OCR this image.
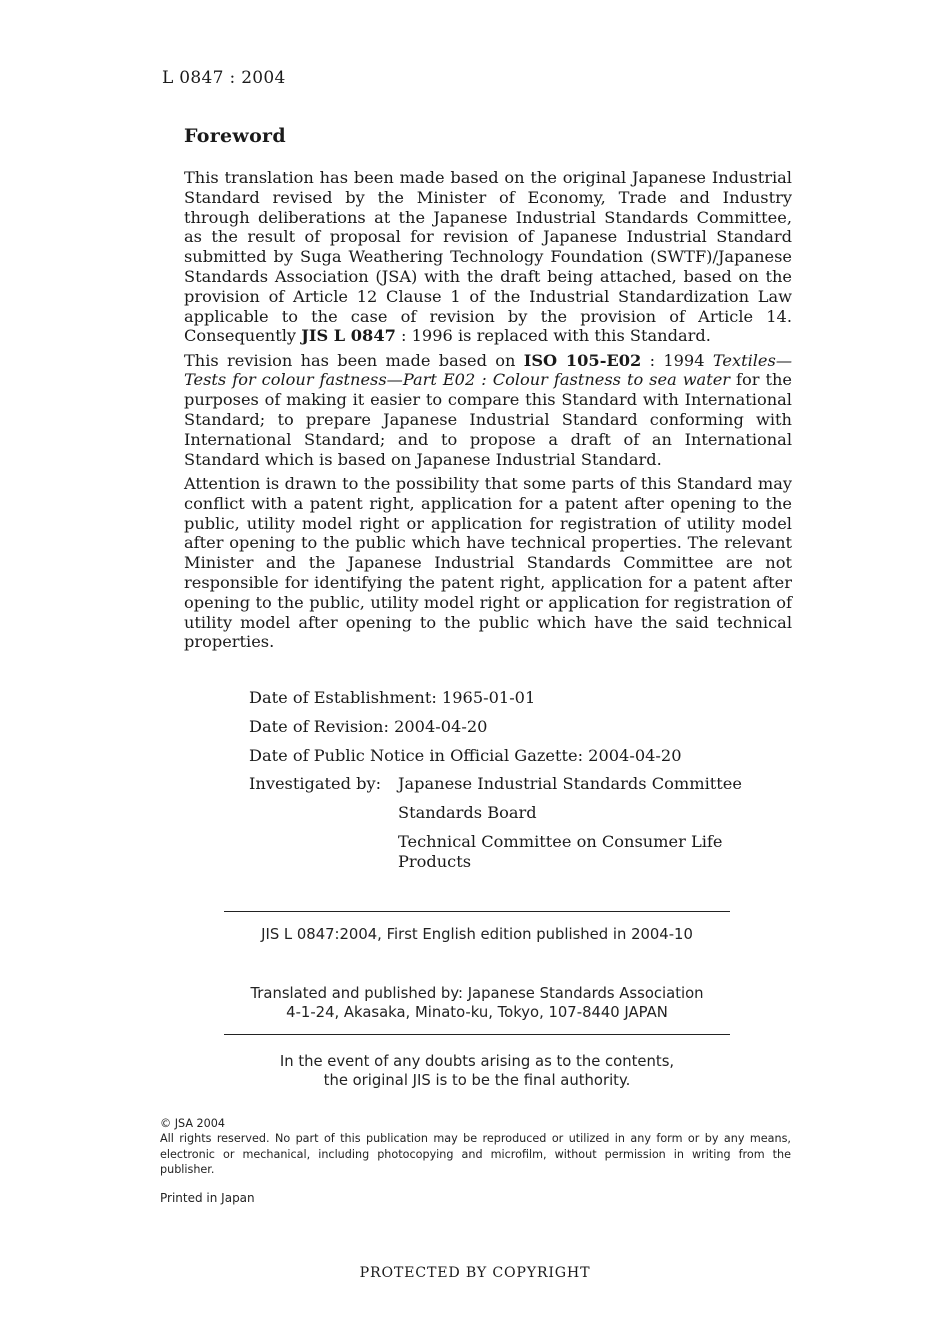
L 0847 : 2004
Foreword

This translation has been made based on the original Japanese Industrial Standard revised by the Minister of Economy, Trade and Industry through deliberations at the Japanese Industrial Standards Committee, as the result of proposal for revision of Japanese Industrial Standard submitted by Suga Weathering Technology Foundation (SWTF)/Japanese Standards Association (JSA) with the draft being attached, based on the provision of Article 12 Clause 1 of the Industrial Standardization Law applicable to the case of revision by the provision of Article 14. Consequently JIS L 0847 : 1996 is replaced with this Standard.

This revision has been made based on ISO 105-E02 : 1994 Textiles—Tests for colour fastness—Part E02 : Colour fastness to sea water for the purposes of making it easier to compare this Standard with International Standard; to prepare Japanese Industrial Standard conforming with International Standard; and to propose a draft of an International Standard which is based on Japanese Industrial Standard.

Attention is drawn to the possibility that some parts of this Standard may conflict with a patent right, application for a patent after opening to the public, utility model right or application for registration of utility model after opening to the public which have technical properties. The relevant Minister and the Japanese Industrial Standards Committee are not responsible for identifying the patent right, application for a patent after opening to the public, utility model right or application for registration of utility model after opening to the public which have the said technical properties.

Date of Establishment: 1965-01-01
Date of Revision: 2004-04-20
Date of Public Notice in Official Gazette: 2004-04-20
Investigated by:	Japanese Industrial Standards Committee
Standards Board
Technical Committee on Consumer Life Products
JIS L 0847:2004, First English edition published in 2004-10
Translated and published by: Japanese Standards Association
4-1-24, Akasaka, Minato-ku, Tokyo, 107-8440 JAPAN
In the event of any doubts arising as to the contents,
the original JIS is to be the final authority.
© JSA 2004
All rights reserved. No part of this publication may be reproduced or utilized in any form or by any means, electronic or mechanical, including photocopying and microfilm, without permission in writing from the publisher.
Printed in Japan
PROTECTED BY COPYRIGHT
